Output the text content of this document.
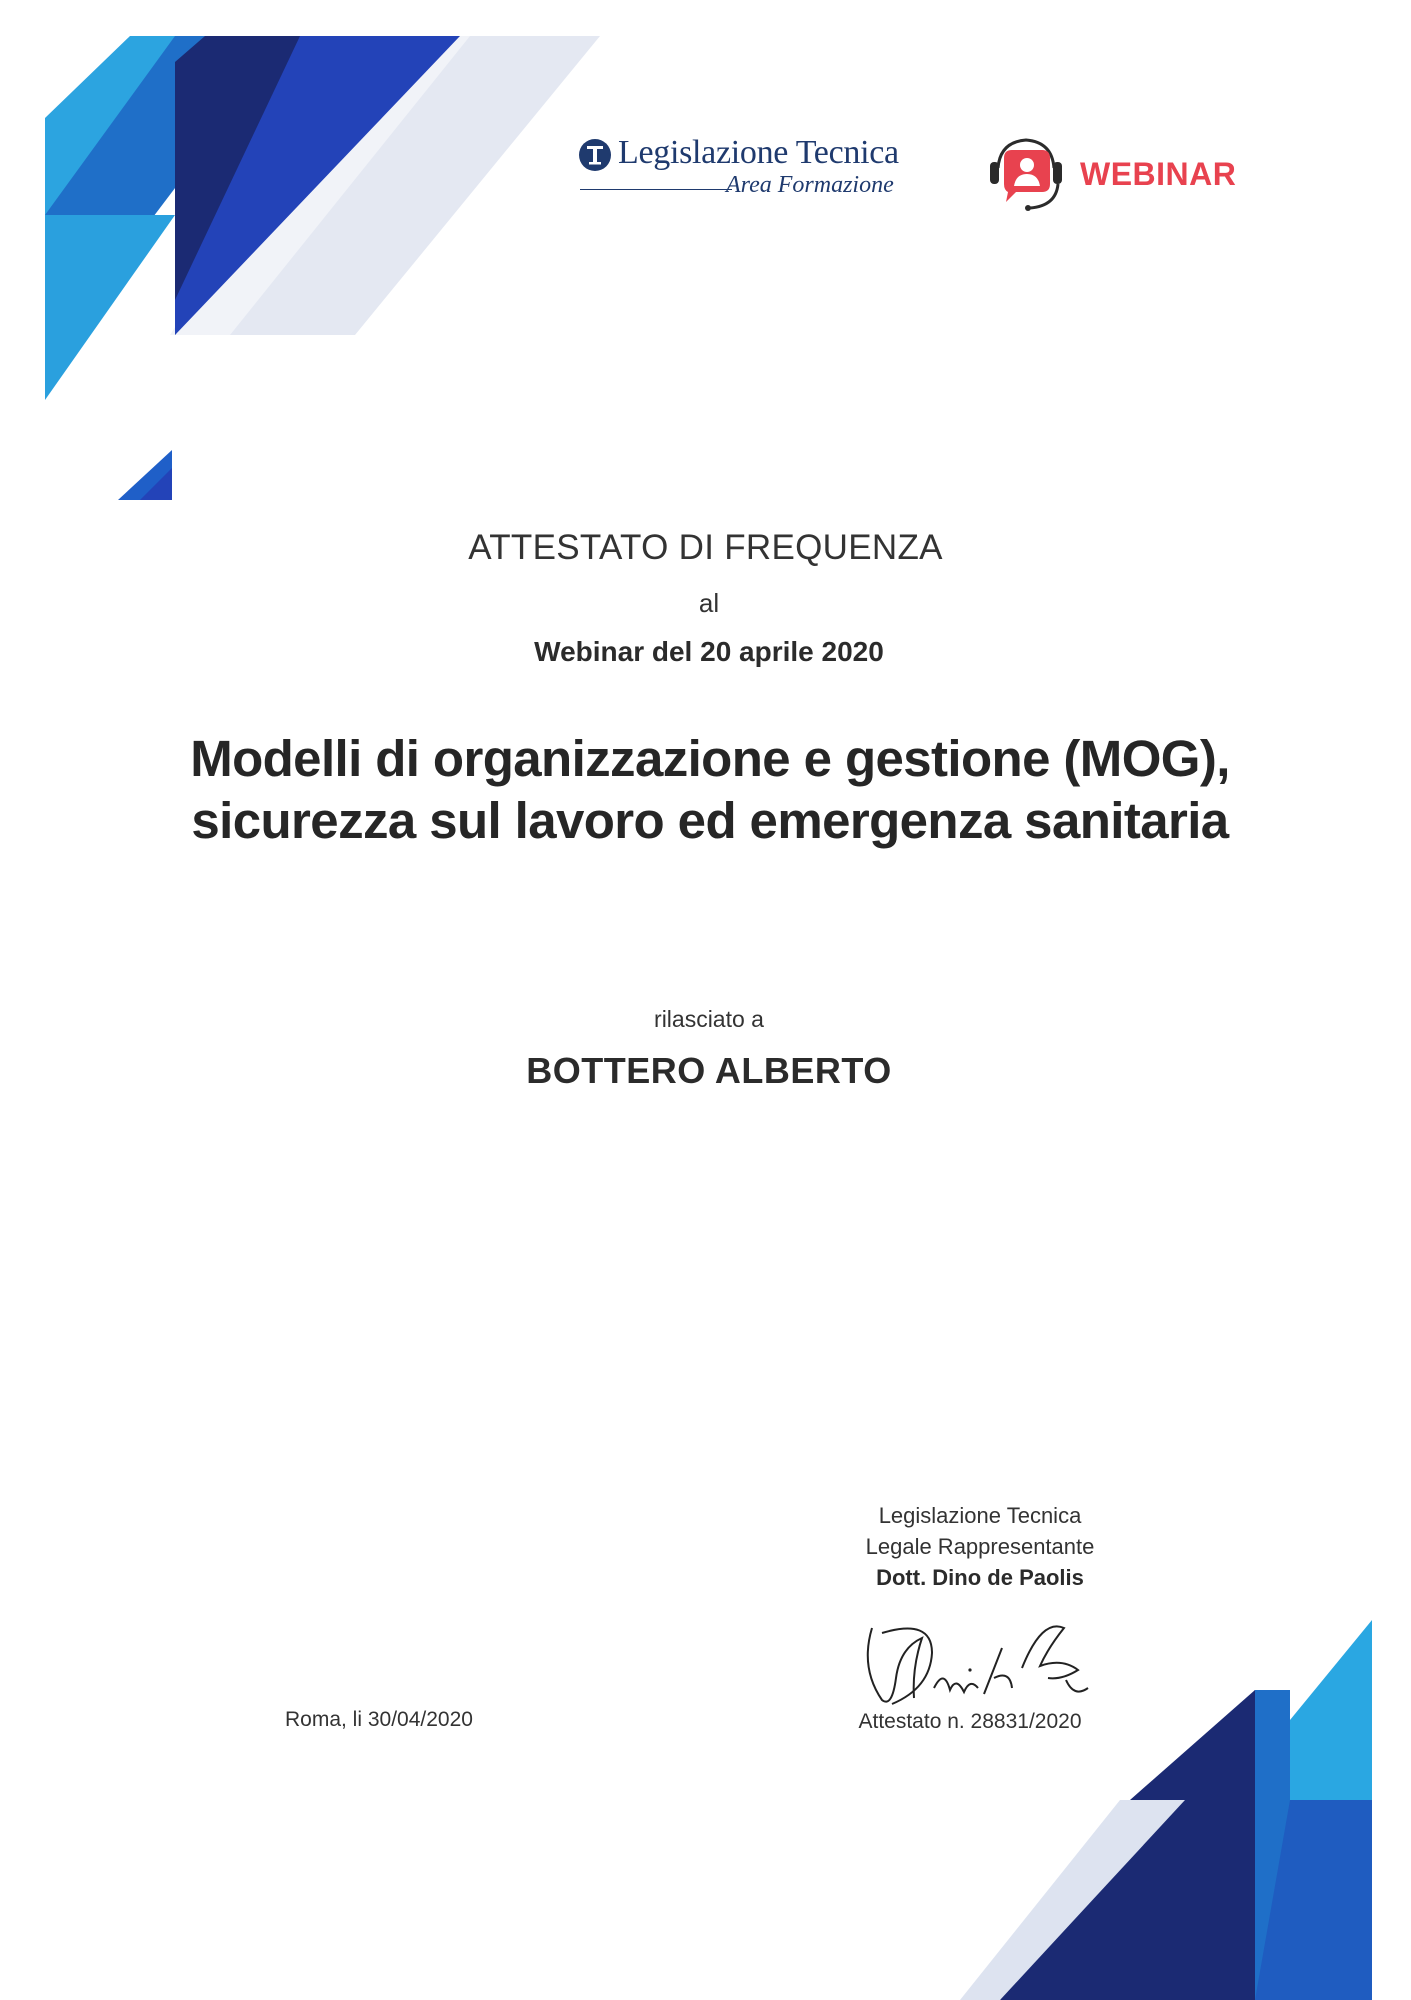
Legislazione Tecnica
Area Formazione	WEBINAR
ATTESTATO DI FREQUENZA
al
Webinar del 20 aprile 2020
Modelli di organizzazione e gestione (MOG),
sicurezza sul lavoro ed emergenza sanitaria
rilasciato a
BOTTERO ALBERTO
Legislazione Tecnica
Legale Rappresentante
Dott. Dino de Paolis
Attestato n. 28831/2020
Roma, li 30/04/2020
